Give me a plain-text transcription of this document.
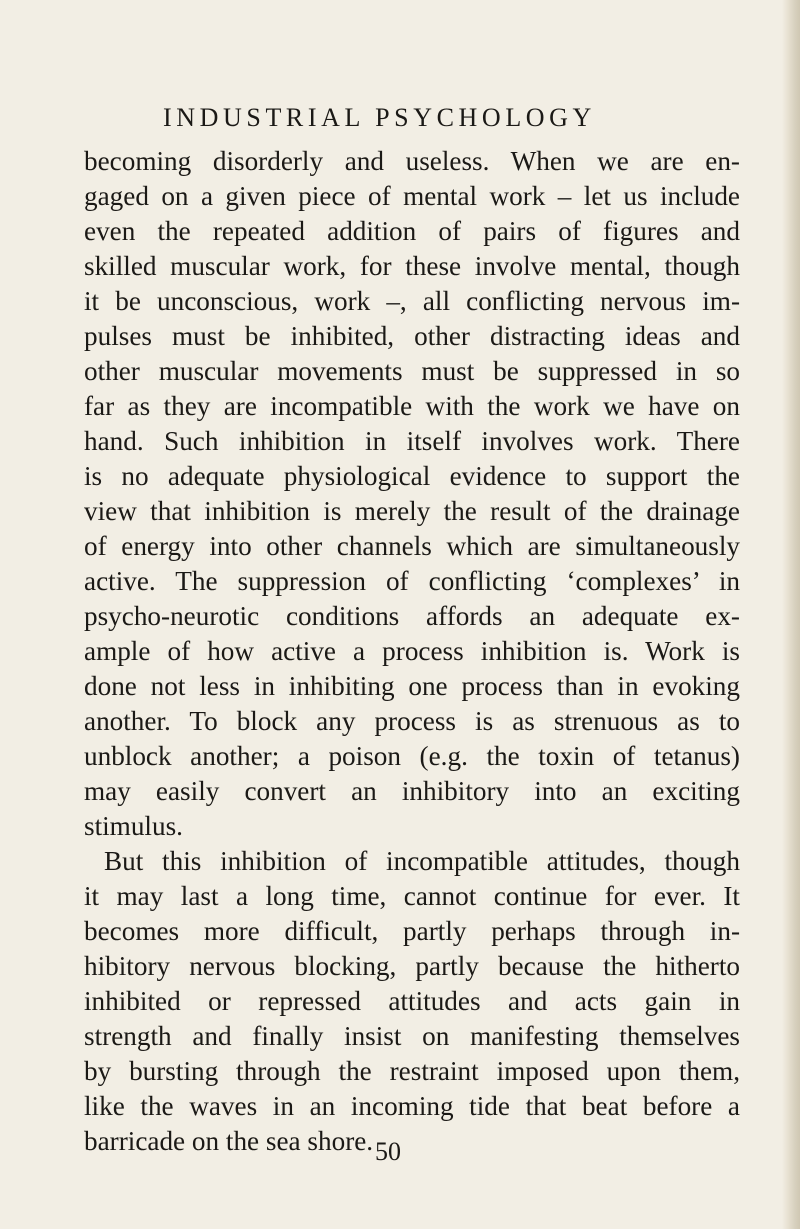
INDUSTRIAL PSYCHOLOGY
becoming disorderly and useless. When we are en-
gaged on a given piece of mental work – let us include
even the repeated addition of pairs of figures and
skilled muscular work, for these involve mental, though
it be unconscious, work –, all conflicting nervous im-
pulses must be inhibited, other distracting ideas and
other muscular movements must be suppressed in so
far as they are incompatible with the work we have on
hand. Such inhibition in itself involves work. There
is no adequate physiological evidence to support the
view that inhibition is merely the result of the drainage
of energy into other channels which are simultaneously
active. The suppression of conflicting ‘complexes’ in
psycho-neurotic conditions affords an adequate ex-
ample of how active a process inhibition is. Work is
done not less in inhibiting one process than in evoking
another. To block any process is as strenuous as to
unblock another; a poison (e.g. the toxin of tetanus)
may easily convert an inhibitory into an exciting
stimulus.
But this inhibition of incompatible attitudes, though
it may last a long time, cannot continue for ever. It
becomes more difficult, partly perhaps through in-
hibitory nervous blocking, partly because the hitherto
inhibited or repressed attitudes and acts gain in
strength and finally insist on manifesting themselves
by bursting through the restraint imposed upon them,
like the waves in an incoming tide that beat before a
barricade on the sea shore. 50
